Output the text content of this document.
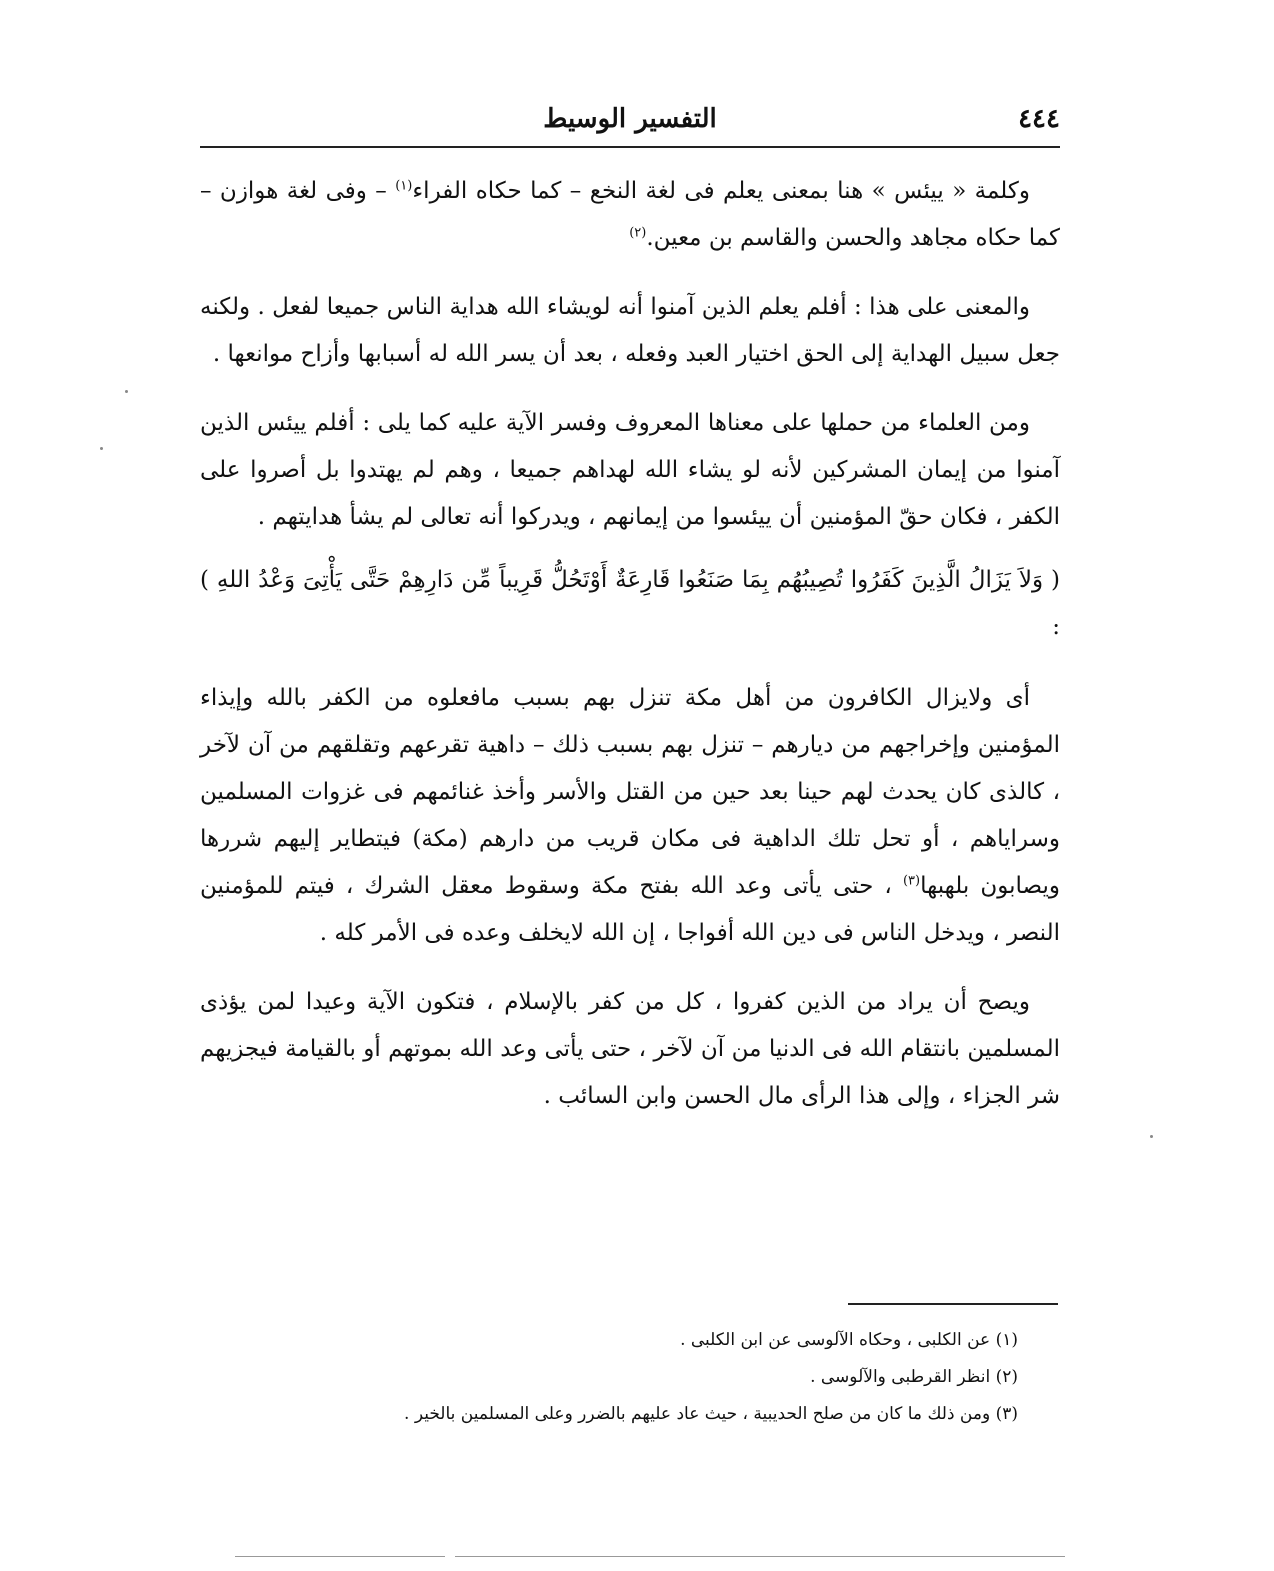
التفسير الوسيط	٤٤٤

وكلمة « ييئس » هنا بمعنى يعلم فى لغة النخع – كما حكاه الفراء$^{(١)}$ – وفى لغة هوازن – كما حكاه مجاهد والحسن والقاسم بن معين.$^{(٢)}$

والمعنى على هذا : أفلم يعلم الذين آمنوا أنه لويشاء الله هداية الناس جميعا لفعل . ولكنه جعل سبيل الهداية إلى الحق اختيار العبد وفعله ، بعد أن يسر الله له أسبابها وأزاح موانعها .

ومن العلماء من حملها على معناها المعروف وفسر الآية عليه كما يلى : أفلم ييئس الذين آمنوا من إيمان المشركين لأنه لو يشاء الله لهداهم جميعا ، وهم لم يهتدوا بل أصروا على الكفر ، فكان حقّ المؤمنين أن ييئسوا من إيمانهم ، ويدركوا أنه تعالى لم يشأ هدايتهم .

( وَلاَ يَزَالُ الَّذِينَ كَفَرُوا تُصِيبُهُم بِمَا صَنَعُوا قَارِعَةٌ أَوْتَحُلُّ قَرِيباً مِّن دَارِهِمْ حَتَّى يَأْتِىَ وَعْدُ اللهِ ) :

أى ولايزال الكافرون من أهل مكة تنزل بهم بسبب مافعلوه من الكفر بالله وإيذاء المؤمنين وإخراجهم من ديارهم – تنزل بهم بسبب ذلك – داهية تقرعهم وتقلقهم من آن لآخر ، كالذى كان يحدث لهم حينا بعد حين من القتل والأسر وأخذ غنائمهم فى غزوات المسلمين وسراياهم ، أو تحل تلك الداهية فى مكان قريب من دارهم (مكة) فيتطاير إليهم شررها ويصابون بلهبها$^{(٣)}$ ، حتى يأتى وعد الله بفتح مكة وسقوط معقل الشرك ، فيتم للمؤمنين النصر ، ويدخل الناس فى دين الله أفواجا ، إن الله لايخلف وعده فى الأمر كله .

ويصح أن يراد من الذين كفروا ، كل من كفر بالإسلام ، فتكون الآية وعيدا لمن يؤذى المسلمين بانتقام الله فى الدنيا من آن لآخر ، حتى يأتى وعد الله بموتهم أو بالقيامة فيجزيهم شر الجزاء ، وإلى هذا الرأى مال الحسن وابن السائب .

(١) عن الكلبى ، وحكاه الآلوسى عن ابن الكلبى .

(٢) انظر القرطبى والآلوسى .

(٣) ومن ذلك ما كان من صلح الحديبية ، حيث عاد عليهم بالضرر وعلى المسلمين بالخير .
